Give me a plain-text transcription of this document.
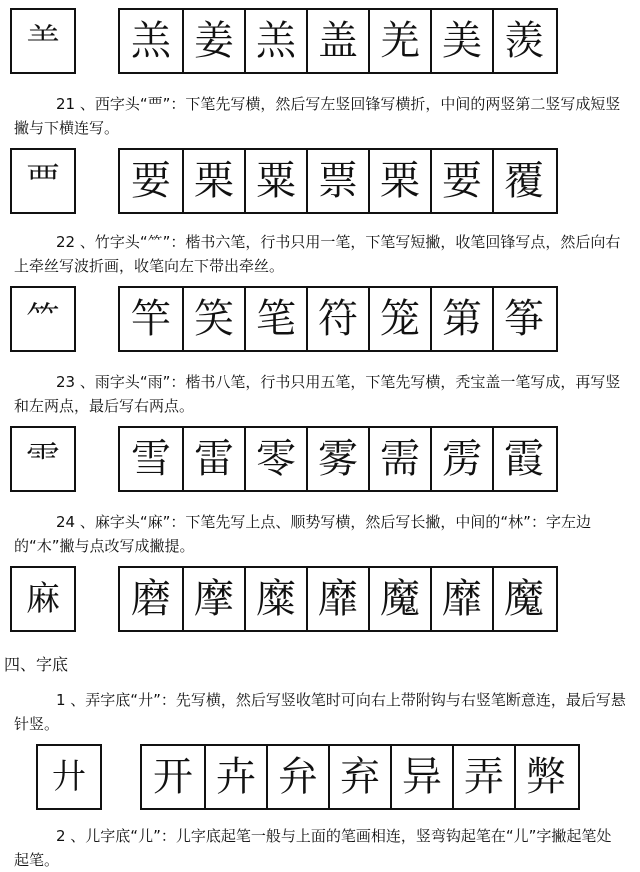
⺷	羔 姜 羔 盖 羌 美 羡

21 、西字头“覀”：下笔先写横，然后写左竖回锋写横折，中间的两竖第二竖写成短竖撇与下横连写。

覀	要 栗 粟 票 栗 要 覆

22 、竹字头“⺮”：楷书六笔，行书只用一笔，下笔写短撇，收笔回锋写点，然后向右上牵丝写波折画，收笔向左下带出牵丝。

⺮	竿 笑 笔 符 笼 第 筝

23 、雨字头“雨”：楷书八笔，行书只用五笔，下笔先写横，秃宝盖一笔写成，再写竖和左两点，最后写右两点。

⻗	雪 雷 零 雾 需 雳 霞

24 、麻字头“麻”：下笔先写上点、顺势写横，然后写长撇，中间的“林”：字左边的“木”撇与点改写成撇提。

麻	磨 摩 糜 靡 魔 靡 魔
四、字底

1 、弄字底“廾”：先写横，然后写竖收笔时可向右上带附钩与右竖笔断意连，最后写悬针竖。

廾	开 卉 弁 弃 异 弄 弊

2 、儿字底“儿”：儿字底起笔一般与上面的笔画相连，竖弯钩起笔在“儿”字撇起笔处起笔。
